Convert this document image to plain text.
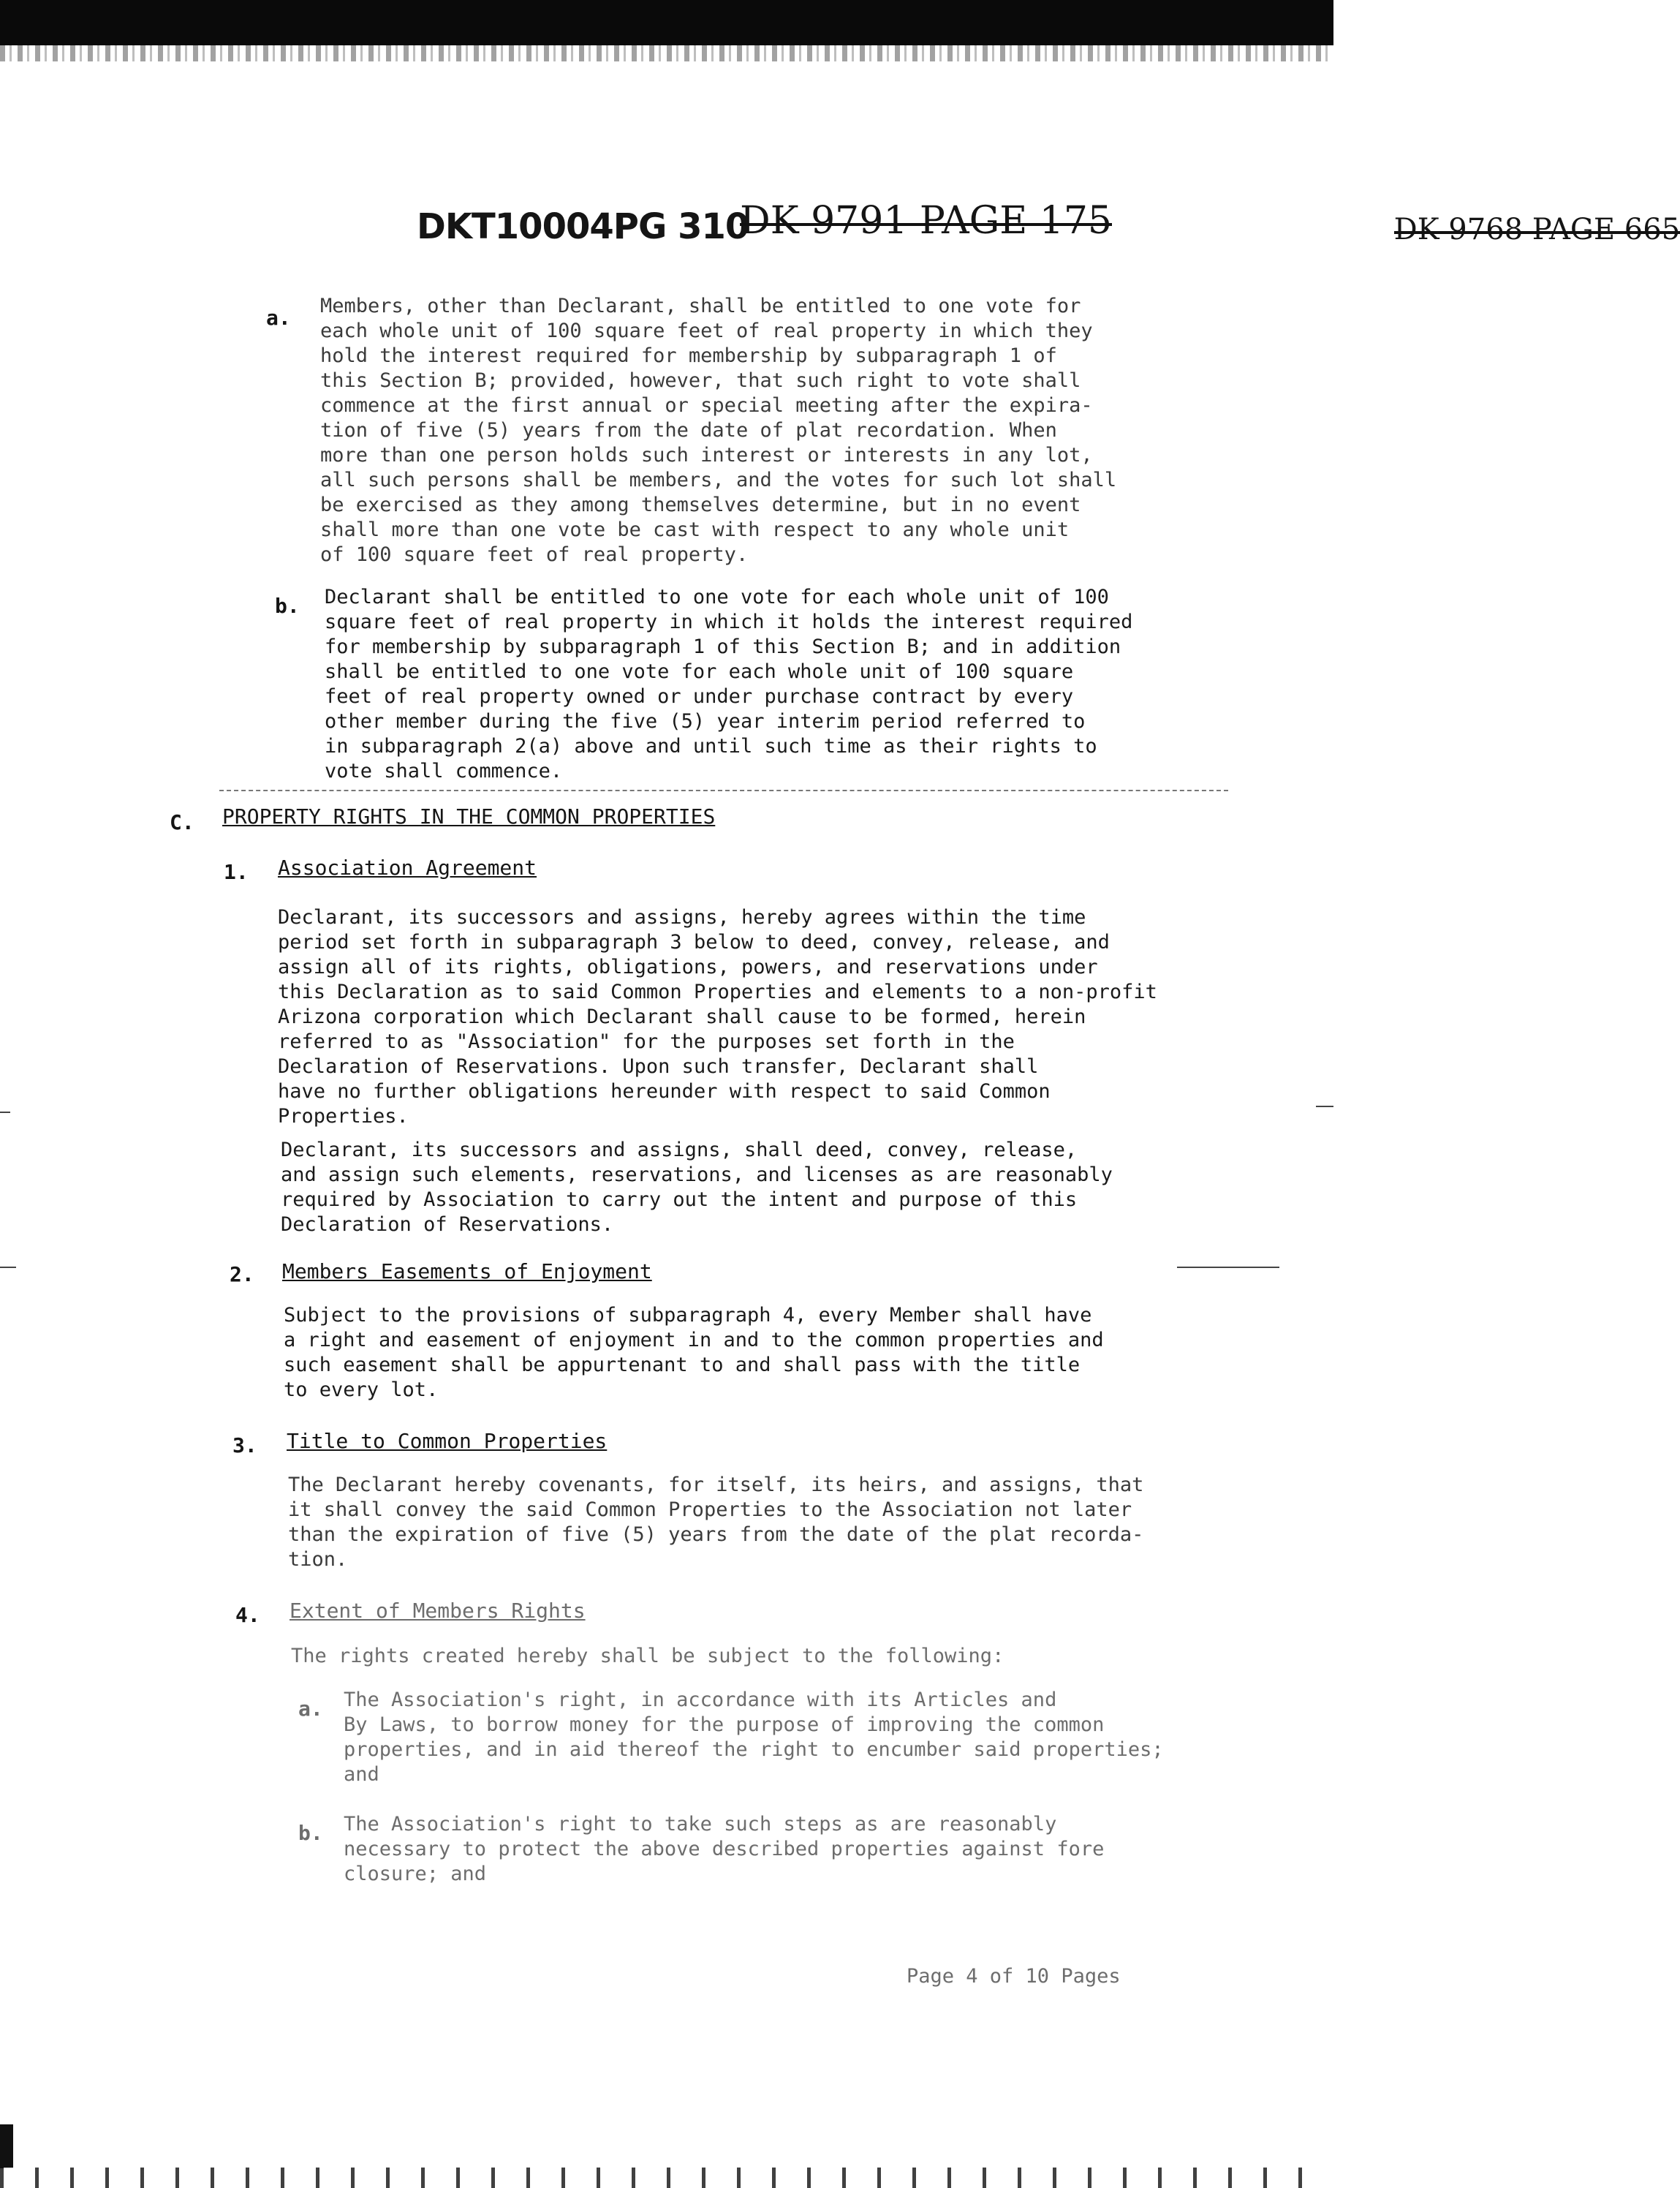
DKT10004PG 310
DK 9791 PAGE 175	DK 9768 PAGE 665
a. Members, other than Declarant, shall be entitled to one vote for
each whole unit of 100 square feet of real property in which they
hold the interest required for membership by subparagraph 1 of
this Section B; provided, however, that such right to vote shall
commence at the first annual or special meeting after the expira-
tion of five (5) years from the date of plat recordation. When
more than one person holds such interest or interests in any lot,
all such persons shall be members, and the votes for such lot shall
be exercised as they among themselves determine, but in no event
shall more than one vote be cast with respect to any whole unit
of 100 square feet of real property.
b. Declarant shall be entitled to one vote for each whole unit of 100
square feet of real property in which it holds the interest required
for membership by subparagraph 1 of this Section B; and in addition
shall be entitled to one vote for each whole unit of 100 square
feet of real property owned or under purchase contract by every
other member during the five (5) year interim period referred to
in subparagraph 2(a) above and until such time as their rights to
vote shall commence.
C. PROPERTY RIGHTS IN THE COMMON PROPERTIES
1. Association Agreement
Declarant, its successors and assigns, hereby agrees within the time
period set forth in subparagraph 3 below to deed, convey, release, and
assign all of its rights, obligations, powers, and reservations under
this Declaration as to said Common Properties and elements to a non-profit
Arizona corporation which Declarant shall cause to be formed, herein
referred to as "Association" for the purposes set forth in the
Declaration of Reservations. Upon such transfer, Declarant shall
have no further obligations hereunder with respect to said Common
Properties.
Declarant, its successors and assigns, shall deed, convey, release,
and assign such elements, reservations, and licenses as are reasonably
required by Association to carry out the intent and purpose of this
Declaration of Reservations.
2. Members Easements of Enjoyment
Subject to the provisions of subparagraph 4, every Member shall have
a right and easement of enjoyment in and to the common properties and
such easement shall be appurtenant to and shall pass with the title
to every lot.
3. Title to Common Properties
The Declarant hereby covenants, for itself, its heirs, and assigns, that
it shall convey the said Common Properties to the Association not later
than the expiration of five (5) years from the date of the plat recorda-
tion.
4. Extent of Members Rights
The rights created hereby shall be subject to the following:
a. The Association's right, in accordance with its Articles and
By Laws, to borrow money for the purpose of improving the common
properties, and in aid thereof the right to encumber said properties;
and
b. The Association's right to take such steps as are reasonably
necessary to protect the above described properties against fore
closure; and
Page 4 of 10 Pages
